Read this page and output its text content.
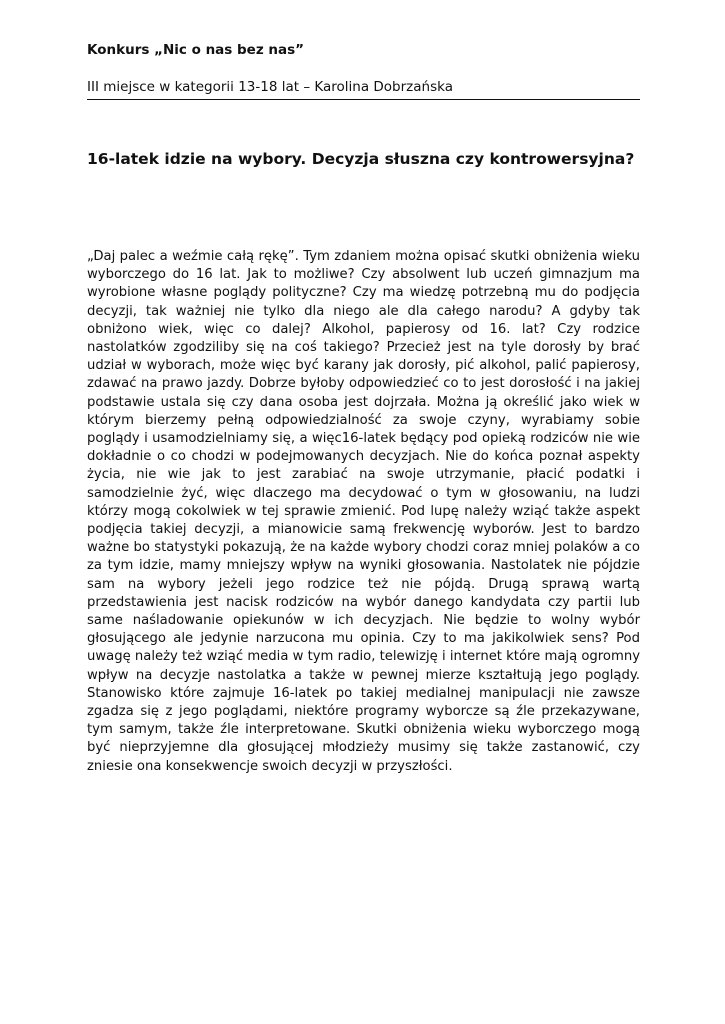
Konkurs „Nic o nas bez nas”

III miejsce w kategorii 13-18 lat – Karolina Dobrzańska
16-latek idzie na wybory. Decyzja słuszna czy kontrowersyjna?

„Daj palec a weźmie całą rękę”. Tym zdaniem można opisać skutki obniżenia wieku wyborczego do 16 lat. Jak to możliwe? Czy absolwent lub uczeń gimnazjum ma wyrobione własne poglądy polityczne? Czy ma wiedzę potrzebną mu do podjęcia decyzji, tak ważniej nie tylko dla niego ale dla całego narodu? A gdyby tak obniżono wiek, więc co dalej? Alkohol, papierosy od 16. lat? Czy rodzice nastolatków zgodziliby się na coś takiego? Przecież jest na tyle dorosły by brać udział w wyborach, może więc być karany jak dorosły, pić alkohol, palić papierosy, zdawać na prawo jazdy. Dobrze byłoby odpowiedzieć co to jest dorosłość i na jakiej podstawie ustala się czy dana osoba jest dojrzała. Można ją określić jako wiek w którym bierzemy pełną odpowiedzialność za swoje czyny, wyrabiamy sobie poglądy i usamodzielniamy się, a więc16-latek będący pod opieką rodziców nie wie dokładnie o co chodzi w podejmowanych decyzjach. Nie do końca poznał aspekty życia, nie wie jak to jest zarabiać na swoje utrzymanie, płacić podatki i samodzielnie żyć, więc dlaczego ma decydować o tym w głosowaniu, na ludzi którzy mogą cokolwiek w tej sprawie zmienić. Pod lupę należy wziąć także aspekt podjęcia takiej decyzji, a mianowicie samą frekwencję wyborów. Jest to bardzo ważne bo statystyki pokazują, że na każde wybory chodzi coraz mniej polaków a co za tym idzie, mamy mniejszy wpływ na wyniki głosowania. Nastolatek nie pójdzie sam na wybory jeżeli jego rodzice też nie pójdą. Drugą sprawą wartą przedstawienia jest nacisk rodziców na wybór danego kandydata czy partii lub same naśladowanie opiekunów w ich decyzjach. Nie będzie to wolny wybór głosującego ale jedynie narzucona mu opinia. Czy to ma jakikolwiek sens? Pod uwagę należy też wziąć media w tym radio, telewizję i internet które mają ogromny wpływ na decyzje nastolatka a także w pewnej mierze kształtują jego poglądy. Stanowisko które zajmuje 16-latek po takiej medialnej manipulacji nie zawsze zgadza się z jego poglądami, niektóre programy wyborcze są źle przekazywane, tym samym, także źle interpretowane. Skutki obniżenia wieku wyborczego mogą być nieprzyjemne dla głosującej młodzieży musimy się także zastanowić, czy zniesie ona konsekwencje swoich decyzji w przyszłości.
